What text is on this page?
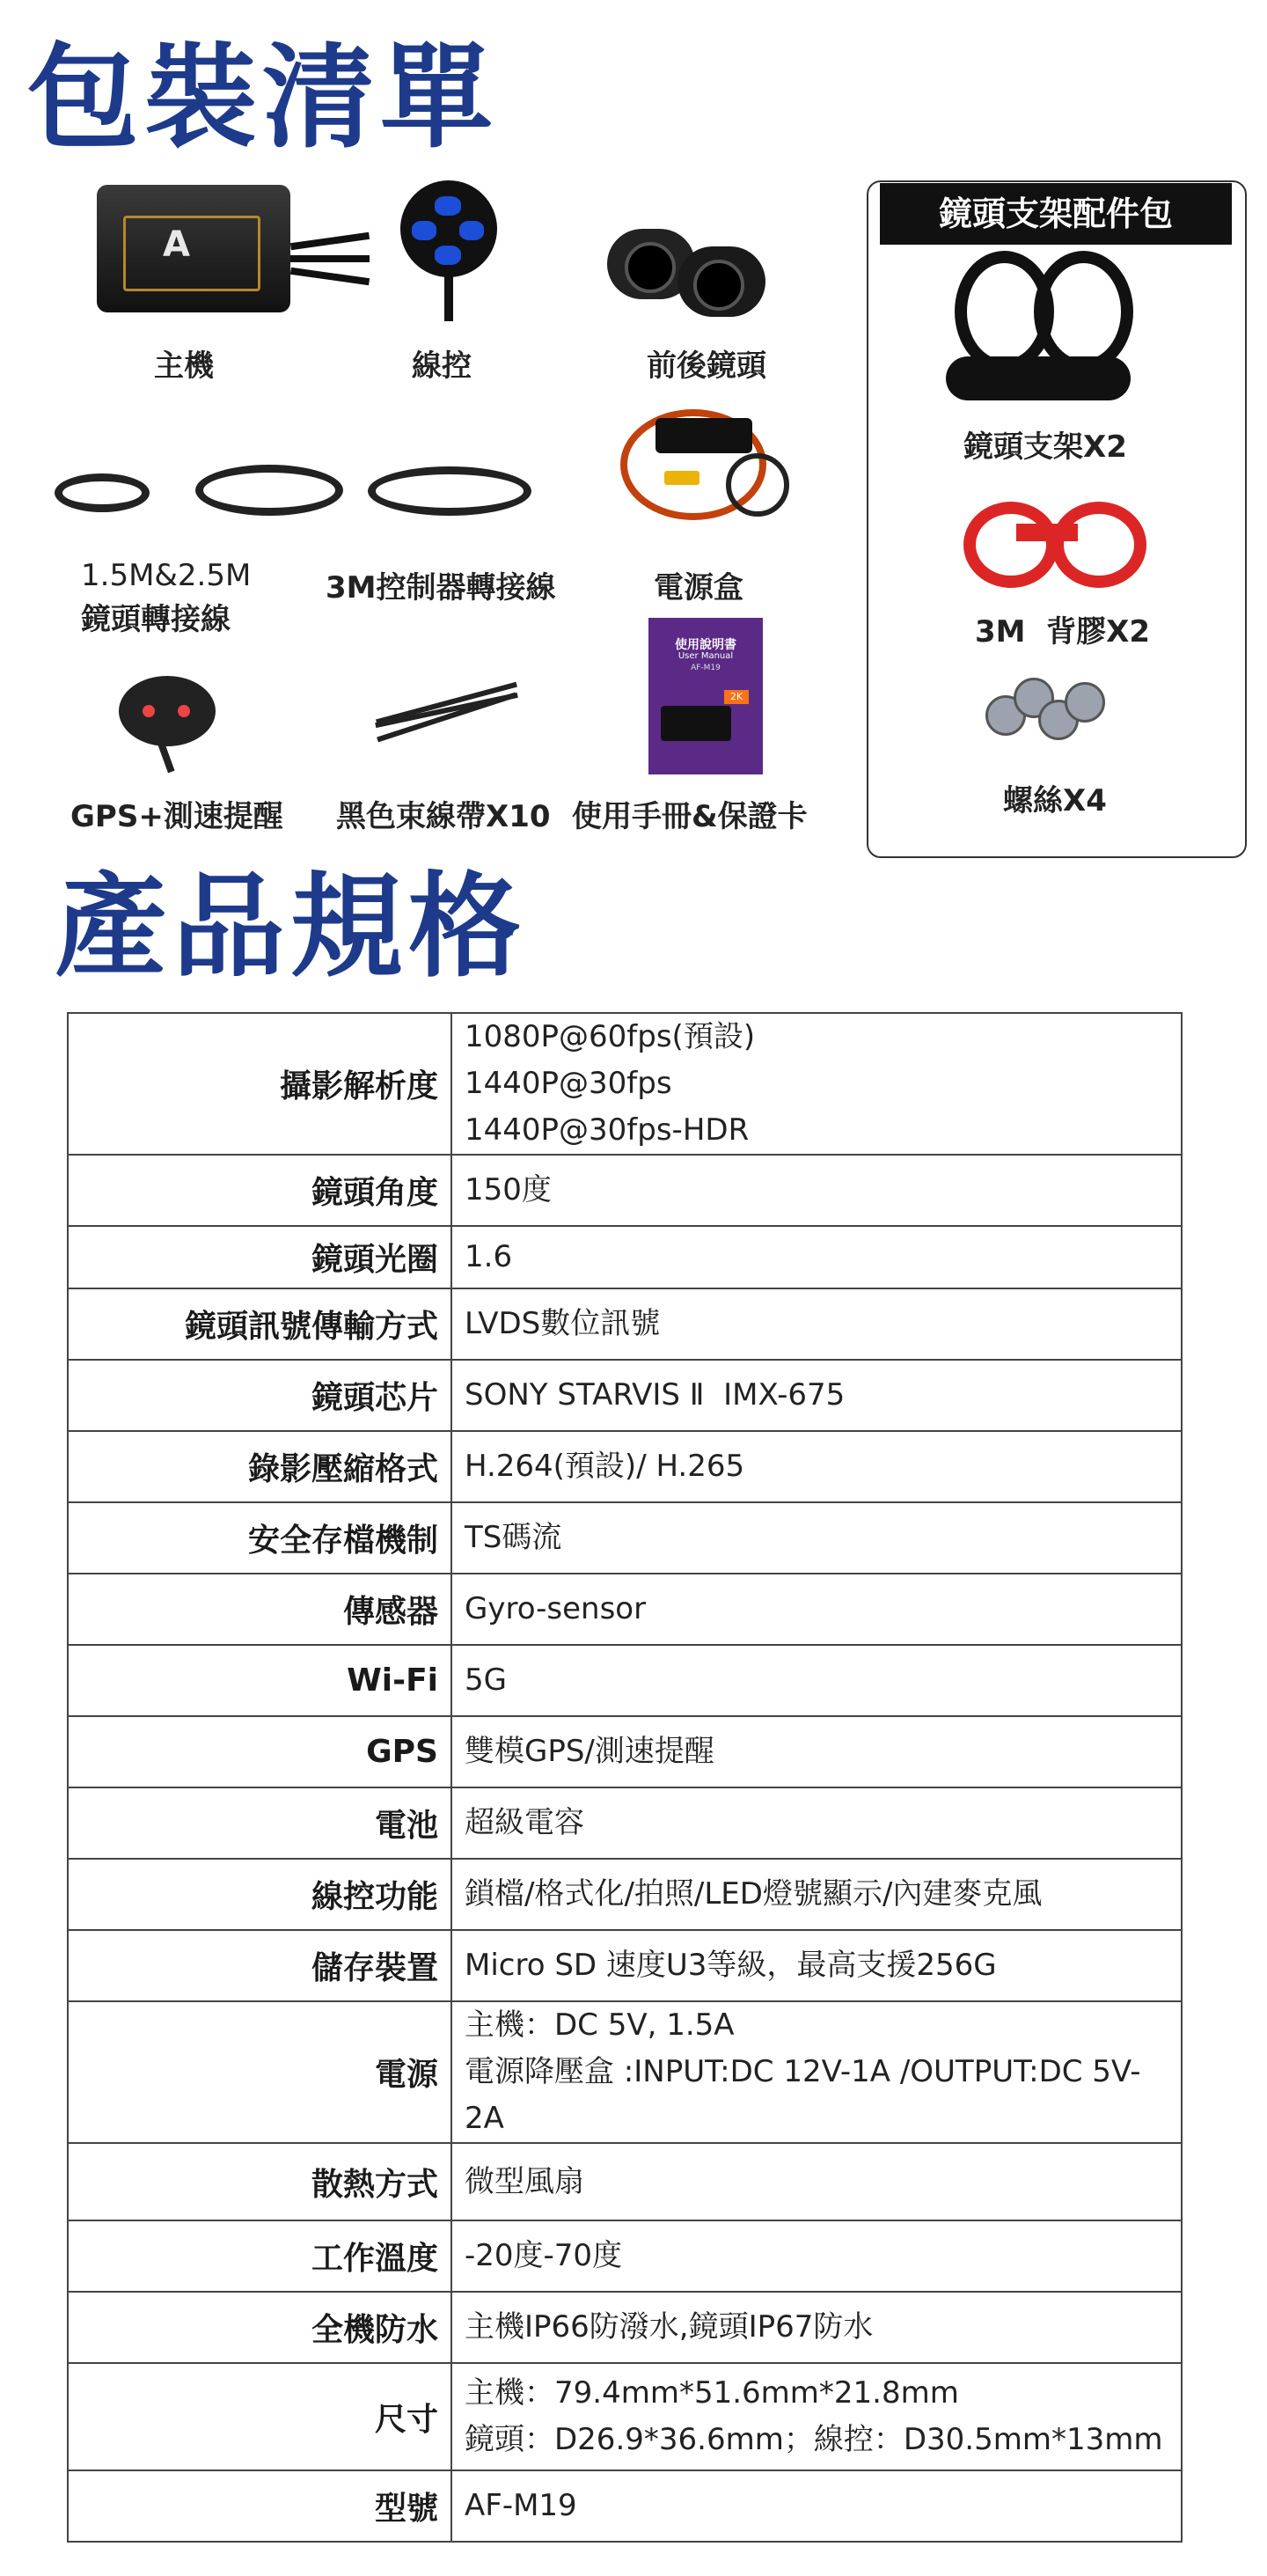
包裝清單
A
主機	線控	前後鏡頭
1.5M&2.5M
鏡頭轉接線
3M控制器轉接線	電源盒
GPS+測速提醒 黑色束線帶X10
使用說明書
User Manual
AF-M19
2K
使用手冊&保證卡
鏡頭支架配件包
鏡頭支架X2
3M  背膠X2
螺絲X4
產品規格
攝影解析度	1080P@60fps(預設)
1440P@30fps
1440P@30fps-HDR

鏡頭角度	150度
鏡頭光圈	1.6
鏡頭訊號傳輸方式	LVDS數位訊號
鏡頭芯片	SONY STARVIS Ⅱ  IMX-675
錄影壓縮格式	H.264(預設)/ H.265
安全存檔機制	TS碼流
傳感器	Gyro-sensor
Wi-Fi	5G
GPS	雙模GPS/測速提醒
電池	超級電容
線控功能	鎖檔/格式化/拍照/LED燈號顯示/內建麥克風
儲存裝置	Micro SD 速度U3等級，最高支援256G
電源	主機：DC 5V, 1.5A
電源降壓盒 :INPUT:DC 12V-1A /OUTPUT:DC 5V-2A

散熱方式	微型風扇
工作溫度	-20度-70度
全機防水	主機IP66防潑水,鏡頭IP67防水
尺寸	主機：79.4mm*51.6mm*21.8mm
鏡頭：D26.9*36.6mm；線控：D30.5mm*13mm

型號	AF-M19
